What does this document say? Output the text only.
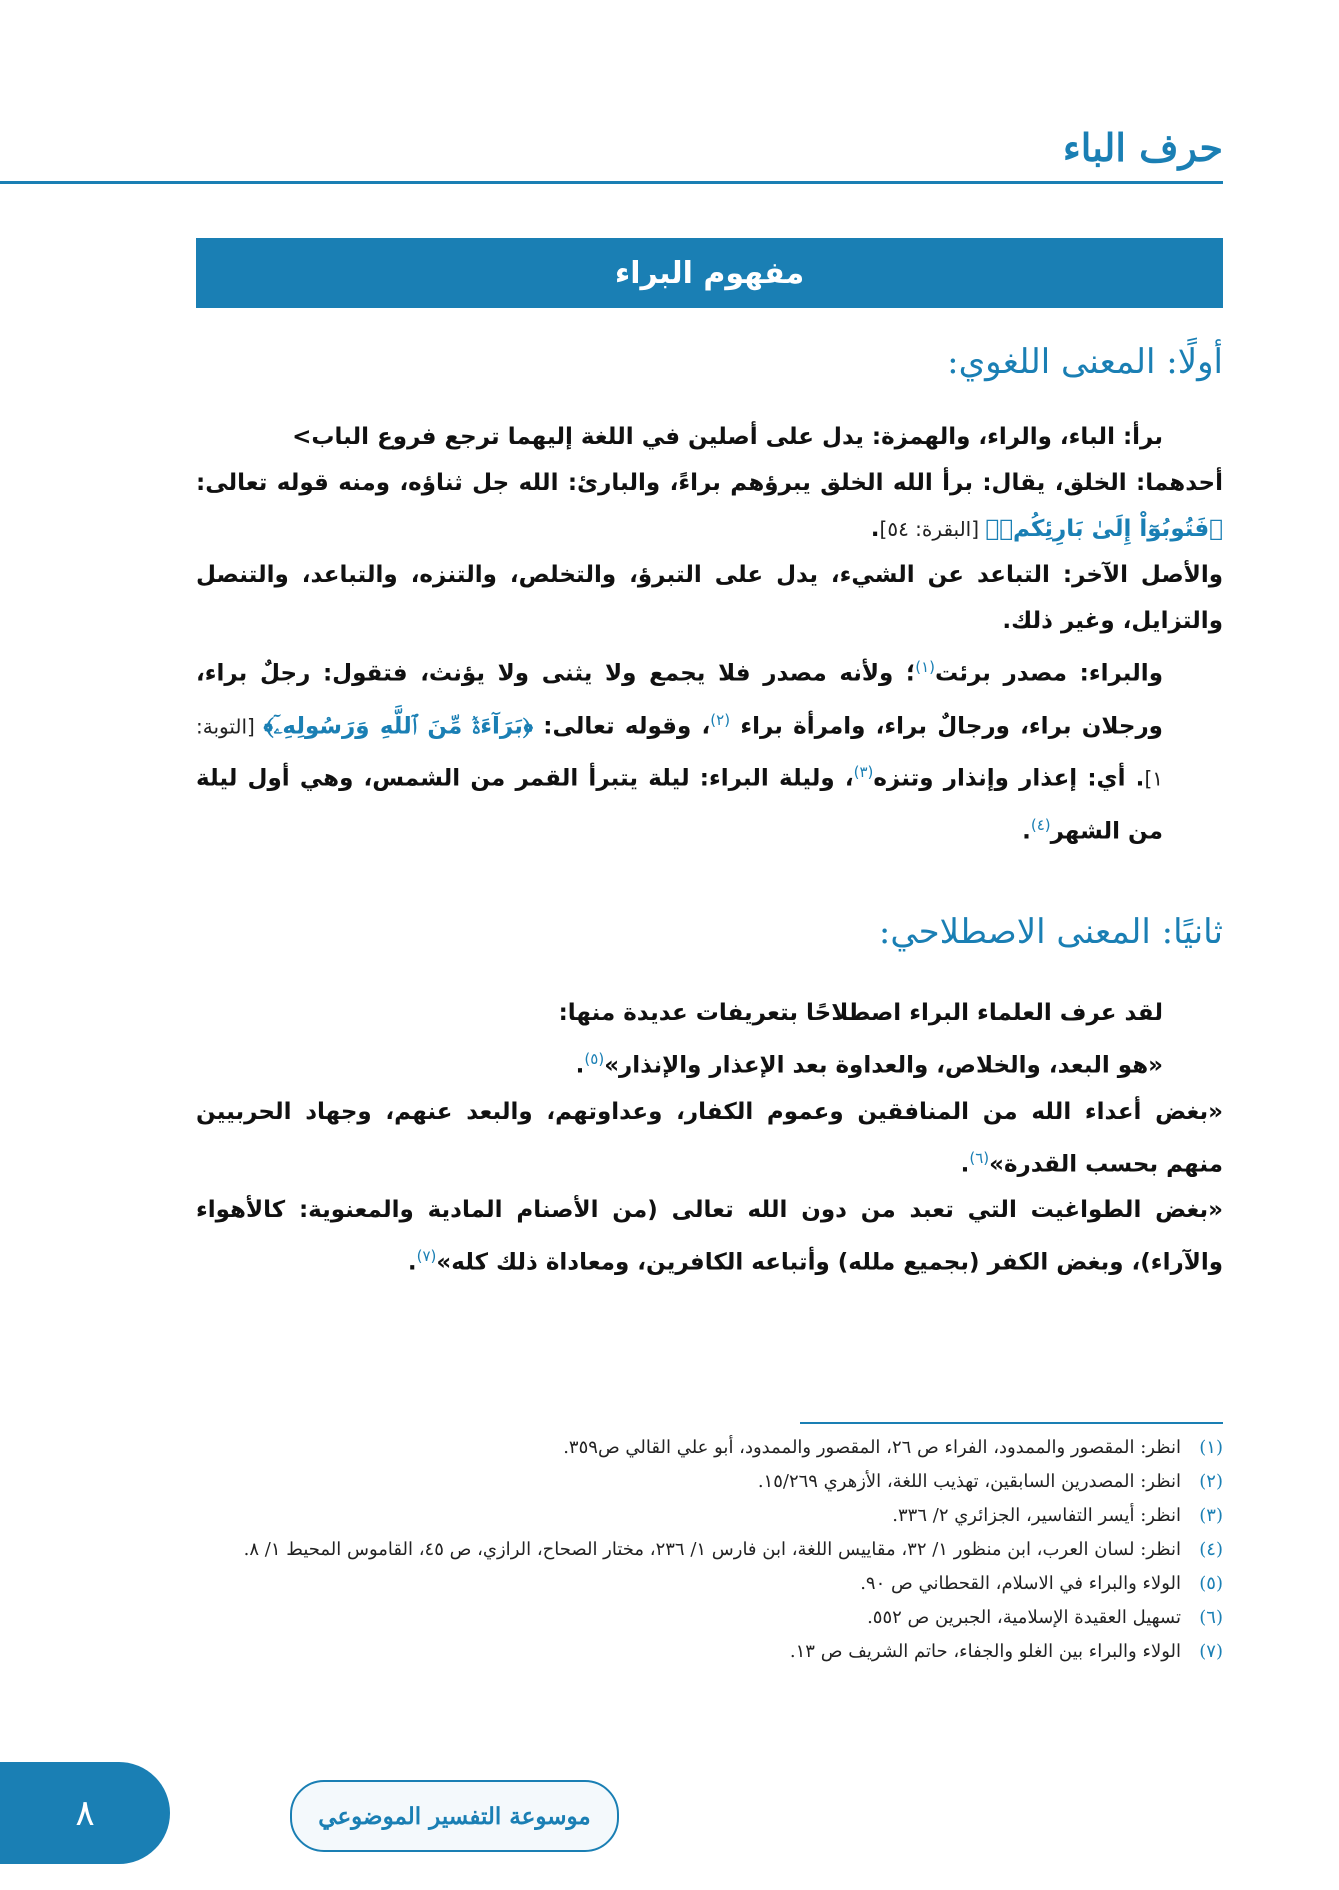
حرف الباء
مفهوم البراء
أولًا: المعنى اللغوي:

برأ: الباء، والراء، والهمزة: يدل على أصلين في اللغة إليهما ترجع فروع الباب>

أحدهما: الخلق، يقال: برأ الله الخلق يبرؤهم براءً، والبارئ: الله جل ثناؤه، ومنه قوله تعالى: ﴿فَتُوبُوٓاْ إِلَىٰ بَارِئِكُمۡ﴾ [البقرة: ٥٤].

والأصل الآخر: التباعد عن الشيء، يدل على التبرؤ، والتخلص، والتنزه، والتباعد، والتنصل والتزايل، وغير ذلك.

والبراء: مصدر برئت$^{(١)}$؛ ولأنه مصدر فلا يجمع ولا يثنى ولا يؤنث، فتقول: رجلٌ براء، ورجلان براء، ورجالٌ براء، وامرأة براء $^{(٢)}$، وقوله تعالى: ﴿بَرَآءَةٞ مِّنَ ٱللَّهِ وَرَسُولِهِۦٓ﴾ [التوبة: ١]. أي: إعذار وإنذار وتنزه$^{(٣)}$، وليلة البراء: ليلة يتبرأ القمر من الشمس، وهي أول ليلة من الشهر$^{(٤)}$.

ثانيًا: المعنى الاصطلاحي:

لقد عرف العلماء البراء اصطلاحًا بتعريفات عديدة منها:

«هو البعد، والخلاص، والعداوة بعد الإعذار والإنذار»$^{(٥)}$.

«بغض أعداء الله من المنافقين وعموم الكفار، وعداوتهم، والبعد عنهم، وجهاد الحربيين منهم بحسب القدرة»$^{(٦)}$.

«بغض الطواغيت التي تعبد من دون الله تعالى (من الأصنام المادية والمعنوية: كالأهواء والآراء)، وبغض الكفر (بجميع ملله) وأتباعه الكافرين، ومعاداة ذلك كله»$^{(٧)}$.

(١)
انظر: المقصور والممدود، الفراء ص ٢٦، المقصور والممدود، أبو علي القالي ص٣٥٩.
(٢)
انظر: المصدرين السابقين، تهذيب اللغة، الأزهري ١٥/٢٦٩.
(٣)
انظر: أيسر التفاسير، الجزائري ٢/ ٣٣٦.
(٤)
انظر: لسان العرب، ابن منظور ١/ ٣٢، مقاييس اللغة، ابن فارس ١/ ٢٣٦، مختار الصحاح، الرازي، ص ٤٥، القاموس المحيط ١/ ٨.
(٥)
الولاء والبراء في الاسلام، القحطاني ص ٩٠.
(٦)
تسهيل العقيدة الإسلامية، الجبرين ص ٥٥٢.
(٧)
الولاء والبراء بين الغلو والجفاء، حاتم الشريف ص ١٣.
موسوعة التفسير الموضوعي
٨
